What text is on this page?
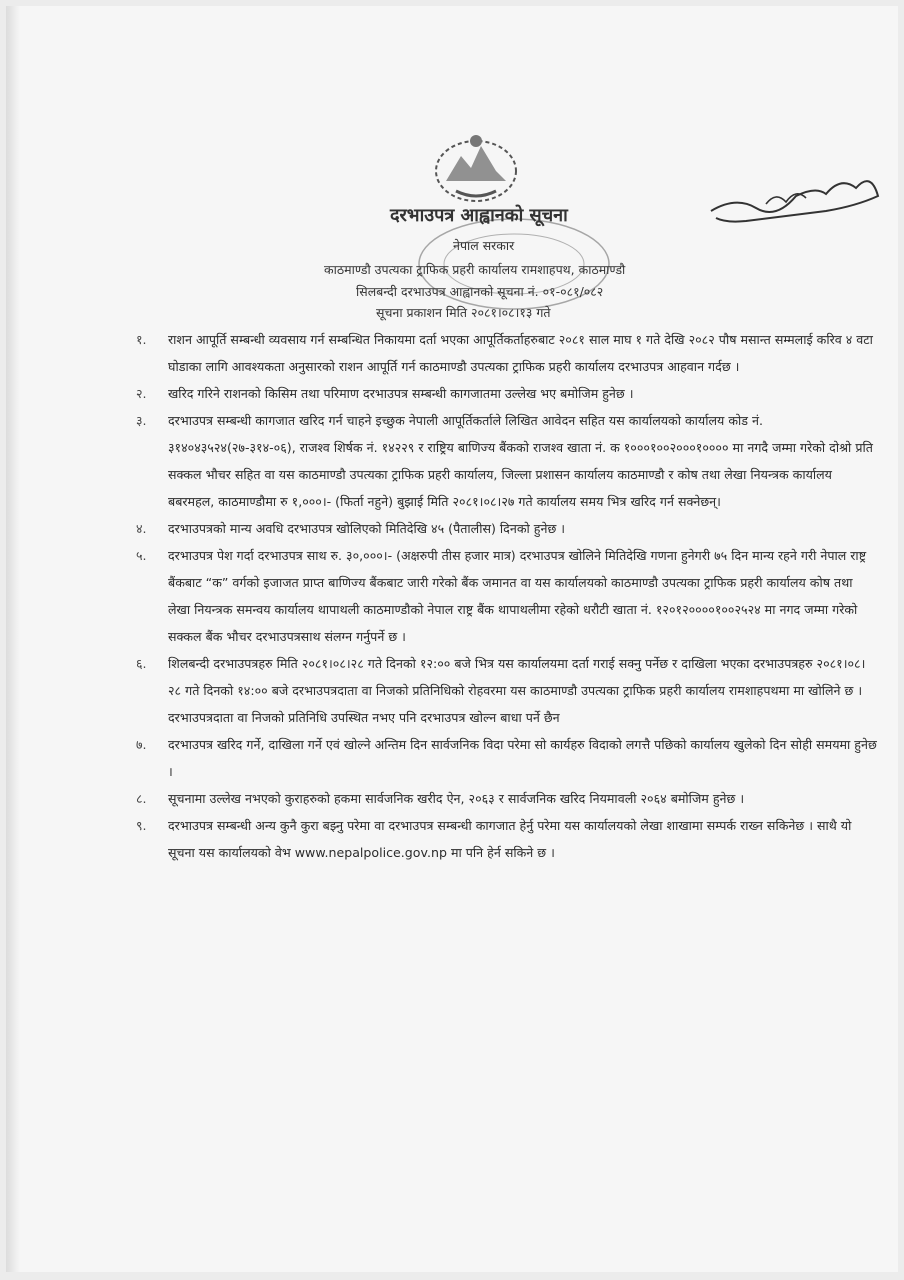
दरभाउपत्र आह्वानको सूचना
नेपाल सरकार
काठमाण्डौ उपत्यका ट्राफिक प्रहरी कार्यालय रामशाहपथ, काठमाण्डौ
सिलबन्दी दरभाउपत्र आह्वानको सूचना नं. ०१-०८१/०८२
सूचना प्रकाशन मिति २०८१।०८।१३ गते
१. राशन आपूर्ति सम्बन्धी व्यवसाय गर्न सम्बन्धित निकायमा दर्ता भएका आपूर्तिकर्ताहरुबाट २०८१ साल माघ १ गते देखि २०८२ पौष मसान्त सम्मलाई करिव ४ वटा घोडाका लागि आवश्यकता अनुसारको राशन आपूर्ति गर्न काठमाण्डौ उपत्यका ट्राफिक प्रहरी कार्यालय दरभाउपत्र आहवान गर्दछ ।
२. खरिद गरिने राशनको किसिम तथा परिमाण दरभाउपत्र सम्बन्धी कागजातमा उल्लेख भए बमोजिम हुनेछ ।
३. दरभाउपत्र सम्बन्धी कागजात खरिद गर्न चाहने इच्छुक नेपाली आपूर्तिकर्ताले लिखित आवेदन सहित यस कार्यालयको कार्यालय कोड नं. ३१४०४३५२४(२७-३१४-०६), राजश्व शिर्षक नं. १४२२९ र राष्ट्रिय बाणिज्य बैंकको राजश्व खाता नं. क १०००१००२०००१०००० मा नगदै जम्मा गरेको दोश्रो प्रति सक्कल भौचर सहित वा यस काठमाण्डौ उपत्यका ट्राफिक प्रहरी कार्यालय, जिल्ला प्रशासन कार्यालय काठमाण्डौ र कोष तथा लेखा नियन्त्रक कार्यालय बबरमहल, काठमाण्डौमा रु १,०००।- (फिर्ता नहुने) बुझाई मिति २०८१।०८।२७ गते कार्यालय समय भित्र खरिद गर्न सक्नेछन्।
४. दरभाउपत्रको मान्य अवधि दरभाउपत्र खोलिएको मितिदेखि ४५ (पैतालीस) दिनको हुनेछ ।
५. दरभाउपत्र पेश गर्दा दरभाउपत्र साथ रु. ३०,०००।- (अक्षरुपी तीस हजार मात्र) दरभाउपत्र खोलिने मितिदेखि गणना हुनेगरी ७५ दिन मान्य रहने गरी नेपाल राष्ट्र बैंकबाट “क” वर्गको इजाजत प्राप्त बाणिज्य बैंकबाट जारी गरेको बैंक जमानत वा यस कार्यालयको काठमाण्डौ उपत्यका ट्राफिक प्रहरी कार्यालय कोष तथा लेखा नियन्त्रक समन्वय कार्यालय थापाथली काठमाण्डौको नेपाल राष्ट्र बैंक थापाथलीमा रहेको धरौटी खाता नं. १२०१२००००१००२५२४ मा नगद जम्मा गरेको सक्कल बैंक भौचर दरभाउपत्रसाथ संलग्न गर्नुपर्ने छ ।
६. शिलबन्दी दरभाउपत्रहरु मिति २०८१।०८।२८ गते दिनको १२:०० बजे भित्र यस कार्यालयमा दर्ता गराई सक्नु पर्नेछ र दाखिला भएका दरभाउपत्रहरु २०८१।०८।२८ गते दिनको १४:०० बजे दरभाउपत्रदाता वा निजको प्रतिनिधिको रोहवरमा यस काठमाण्डौ उपत्यका ट्राफिक प्रहरी कार्यालय रामशाहपथमा मा खोलिने छ । दरभाउपत्रदाता वा निजको प्रतिनिधि उपस्थित नभए पनि दरभाउपत्र खोल्न बाधा पर्ने छैन
७. दरभाउपत्र खरिद गर्ने, दाखिला गर्ने एवं खोल्ने अन्तिम दिन सार्वजनिक विदा परेमा सो कार्यहरु विदाको लगत्तै पछिको कार्यालय खुलेको दिन सोही समयमा हुनेछ ।
८. सूचनामा उल्लेख नभएको कुराहरुको हकमा सार्वजनिक खरीद ऐन, २०६३ र सार्वजनिक खरिद नियमावली २०६४ बमोजिम हुनेछ ।
९. दरभाउपत्र सम्बन्धी अन्य कुनै कुरा बझ्नु परेमा वा दरभाउपत्र सम्बन्धी कागजात हेर्नु परेमा यस कार्यालयको लेखा शाखामा सम्पर्क राख्न सकिनेछ । साथै यो सूचना यस कार्यालयको वेभ www.nepalpolice.gov.np मा पनि हेर्न सकिने छ ।
